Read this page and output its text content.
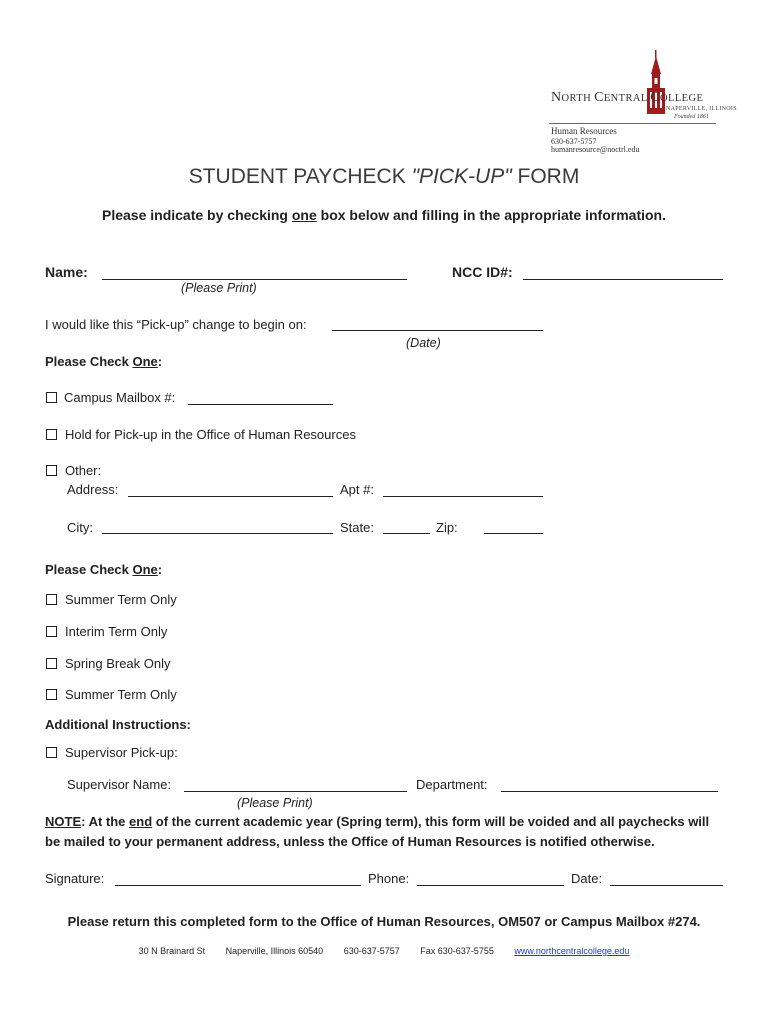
NORTH CENTRAL COLLEGE
NAPERVILLE, ILLINOIS
Founded 1861
Human Resources
630-637-5757
humanresource@noctrl.edu
STUDENT PAYCHECK "PICK-UP" FORM
Please indicate by checking one box below and filling in the appropriate information.
Name:
(Please Print)
NCC ID#:
I would like this “Pick-up” change to begin on:
(Date)
Please Check One:
Campus Mailbox #:
Hold for Pick-up in the Office of Human Resources
Other:
Address:	Apt #:
City:	State:	Zip:
Please Check One:
Summer Term Only
Interim Term Only
Spring Break Only
Summer Term Only
Additional Instructions:
Supervisor Pick-up:
Supervisor Name:
(Please Print)
Department:
NOTE: At the end of the current academic year (Spring term), this form will be voided and all paychecks will
be mailed to your permanent address, unless the Office of Human Resources is notified otherwise.
Signature:	Phone:	Date:
Please return this completed form to the Office of Human Resources, OM507 or Campus Mailbox #274.
30 N Brainard St Naperville, Illinois 60540 630-637-5757 Fax 630-637-5755 www.northcentralcollege.edu
